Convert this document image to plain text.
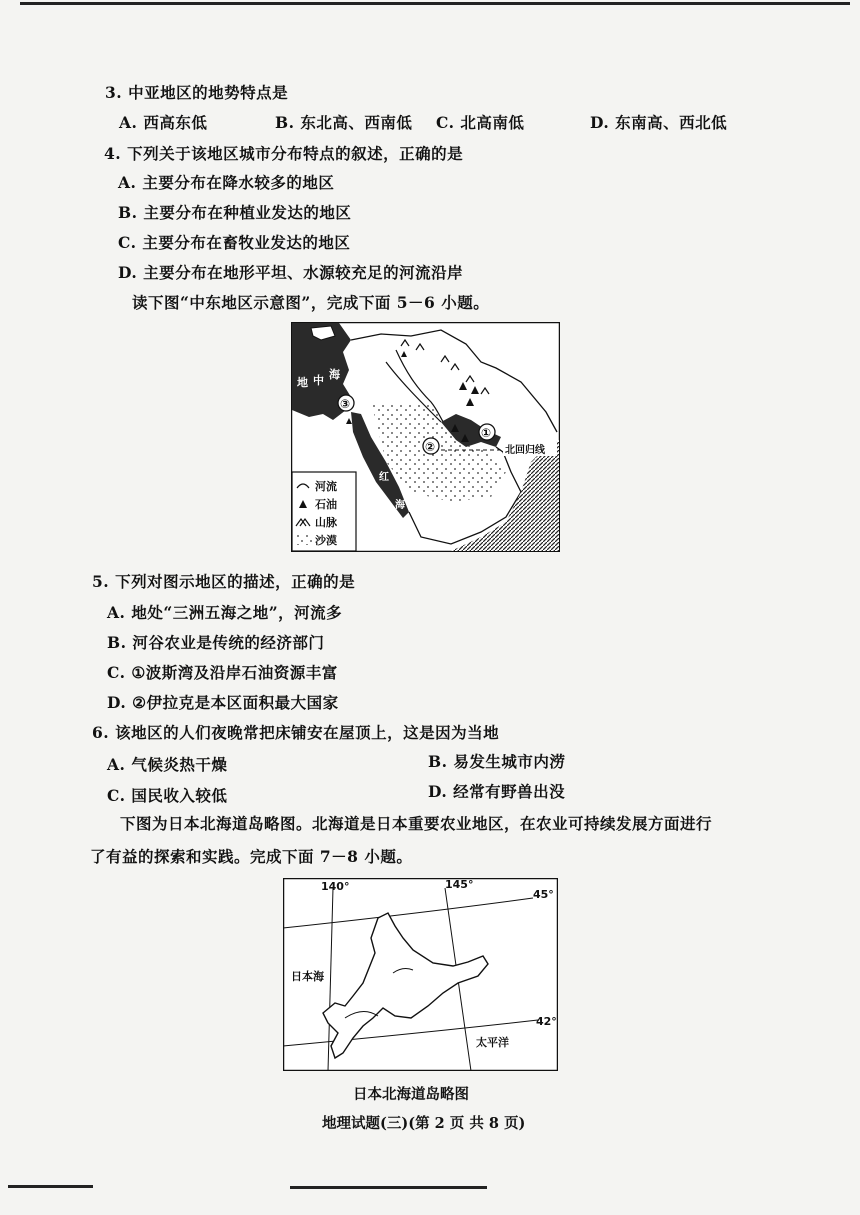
3. 中亚地区的地势特点是
A. 西高东低	B. 东北高、西南低 C. 北高南低	D. 东南高、西北低
4. 下列关于该地区城市分布特点的叙述，正确的是
A. 主要分布在降水较多的地区
B. 主要分布在种植业发达的地区
C. 主要分布在畜牧业发达的地区
D. 主要分布在地形平坦、水源较充足的河流沿岸
读下图“中东地区示意图”，完成下面 5－6 小题。
地 中 海
③
②
①
红
海
北回归线
河流
石油
山脉
沙漠
5. 下列对图示地区的描述，正确的是
A. 地处“三洲五海之地”，河流多
B. 河谷农业是传统的经济部门
C. ①波斯湾及沿岸石油资源丰富
D. ②伊拉克是本区面积最大国家
6. 该地区的人们夜晚常把床铺安在屋顶上，这是因为当地
A. 气候炎热干燥	B. 易发生城市内涝
C. 国民收入较低	D. 经常有野兽出没
下图为日本北海道岛略图。北海道是日本重要农业地区，在农业可持续发展方面进行
了有益的探索和实践。完成下面 7－8 小题。
140°	145°
45°
42°
日本海
太平洋
日本北海道岛略图
地理试题(三)(第 2 页 共 8 页)
